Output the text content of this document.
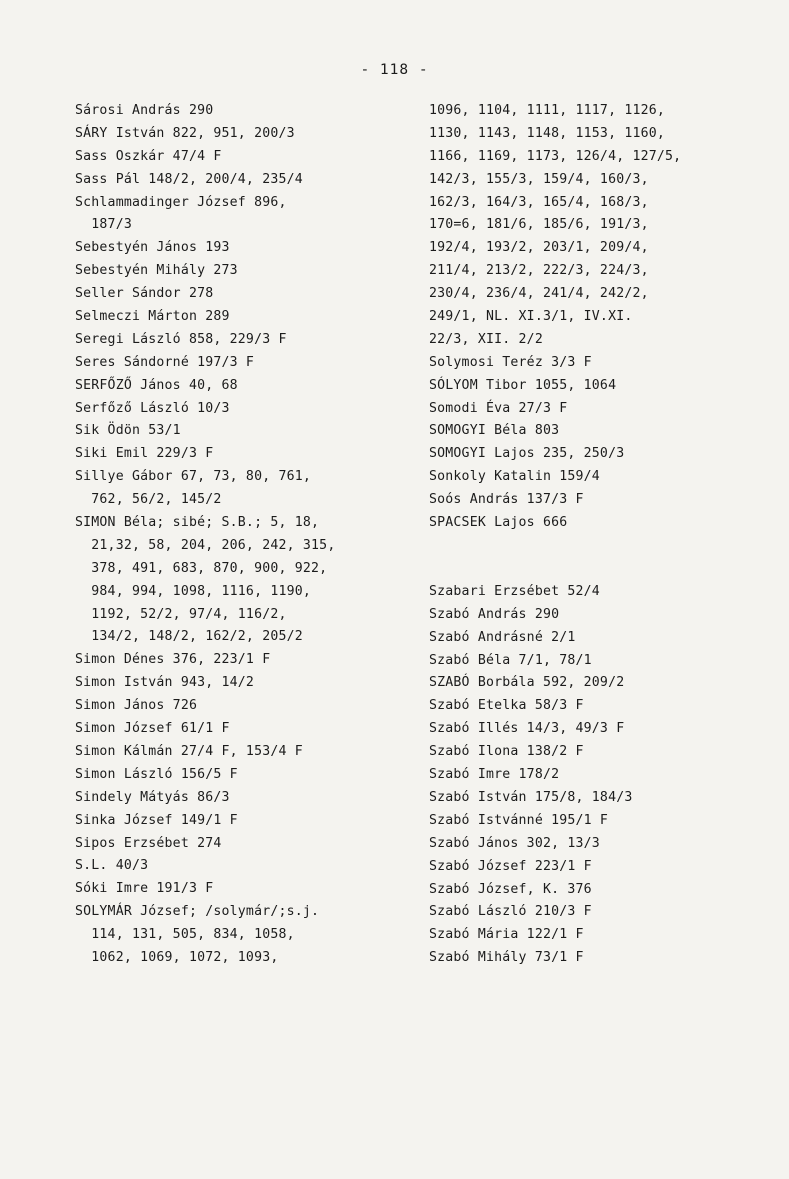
- 118 -
Sárosi András 290
SÁRY István 822, 951, 200/3
Sass Oszkár 47/4 F
Sass Pál 148/2, 200/4, 235/4
Schlammadinger József 896,
187/3
Sebestyén János 193
Sebestyén Mihály 273
Seller Sándor 278
Selmeczi Márton 289
Seregi László 858, 229/3 F
Seres Sándorné 197/3 F
SERFŐZŐ János 40, 68
Serfőző László 10/3
Sik Ödön 53/1
Siki Emil 229/3 F
Sillye Gábor 67, 73, 80, 761,
762, 56/2, 145/2
SIMON Béla; sibé; S.B.; 5, 18,
21,32, 58, 204, 206, 242, 315,
378, 491, 683, 870, 900, 922,
984, 994, 1098, 1116, 1190,
1192, 52/2, 97/4, 116/2,
134/2, 148/2, 162/2, 205/2
Simon Dénes 376, 223/1 F
Simon István 943, 14/2
Simon János 726
Simon József 61/1 F
Simon Kálmán 27/4 F, 153/4 F
Simon László 156/5 F
Sindely Mátyás 86/3
Sinka József 149/1 F
Sipos Erzsébet 274
S.L. 40/3
Sóki Imre 191/3 F
SOLYMÁR József; /solymár/;s.j.
114, 131, 505, 834, 1058,
1062, 1069, 1072, 1093,
1096, 1104, 1111, 1117, 1126,
1130, 1143, 1148, 1153, 1160,
1166, 1169, 1173, 126/4, 127/5,
142/3, 155/3, 159/4, 160/3,
162/3, 164/3, 165/4, 168/3,
170=6, 181/6, 185/6, 191/3,
192/4, 193/2, 203/1, 209/4,
211/4, 213/2, 222/3, 224/3,
230/4, 236/4, 241/4, 242/2,
249/1, NL. XI.3/1, IV.XI.
22/3, XII. 2/2
Solymosi Teréz 3/3 F
SÓLYOM Tibor 1055, 1064
Somodi Éva 27/3 F
SOMOGYI Béla 803
SOMOGYI Lajos 235, 250/3
Sonkoly Katalin 159/4
Soós András 137/3 F
SPACSEK Lajos 666
Szabari Erzsébet 52/4
Szabó András 290
Szabó Andrásné 2/1
Szabó Béla 7/1, 78/1
SZABÓ Borbála 592, 209/2
Szabó Etelka 58/3 F
Szabó Illés 14/3, 49/3 F
Szabó Ilona 138/2 F
Szabó Imre 178/2
Szabó István 175/8, 184/3
Szabó Istvánné 195/1 F
Szabó János 302, 13/3
Szabó József 223/1 F
Szabó József, K. 376
Szabó László 210/3 F
Szabó Mária 122/1 F
Szabó Mihály 73/1 F
